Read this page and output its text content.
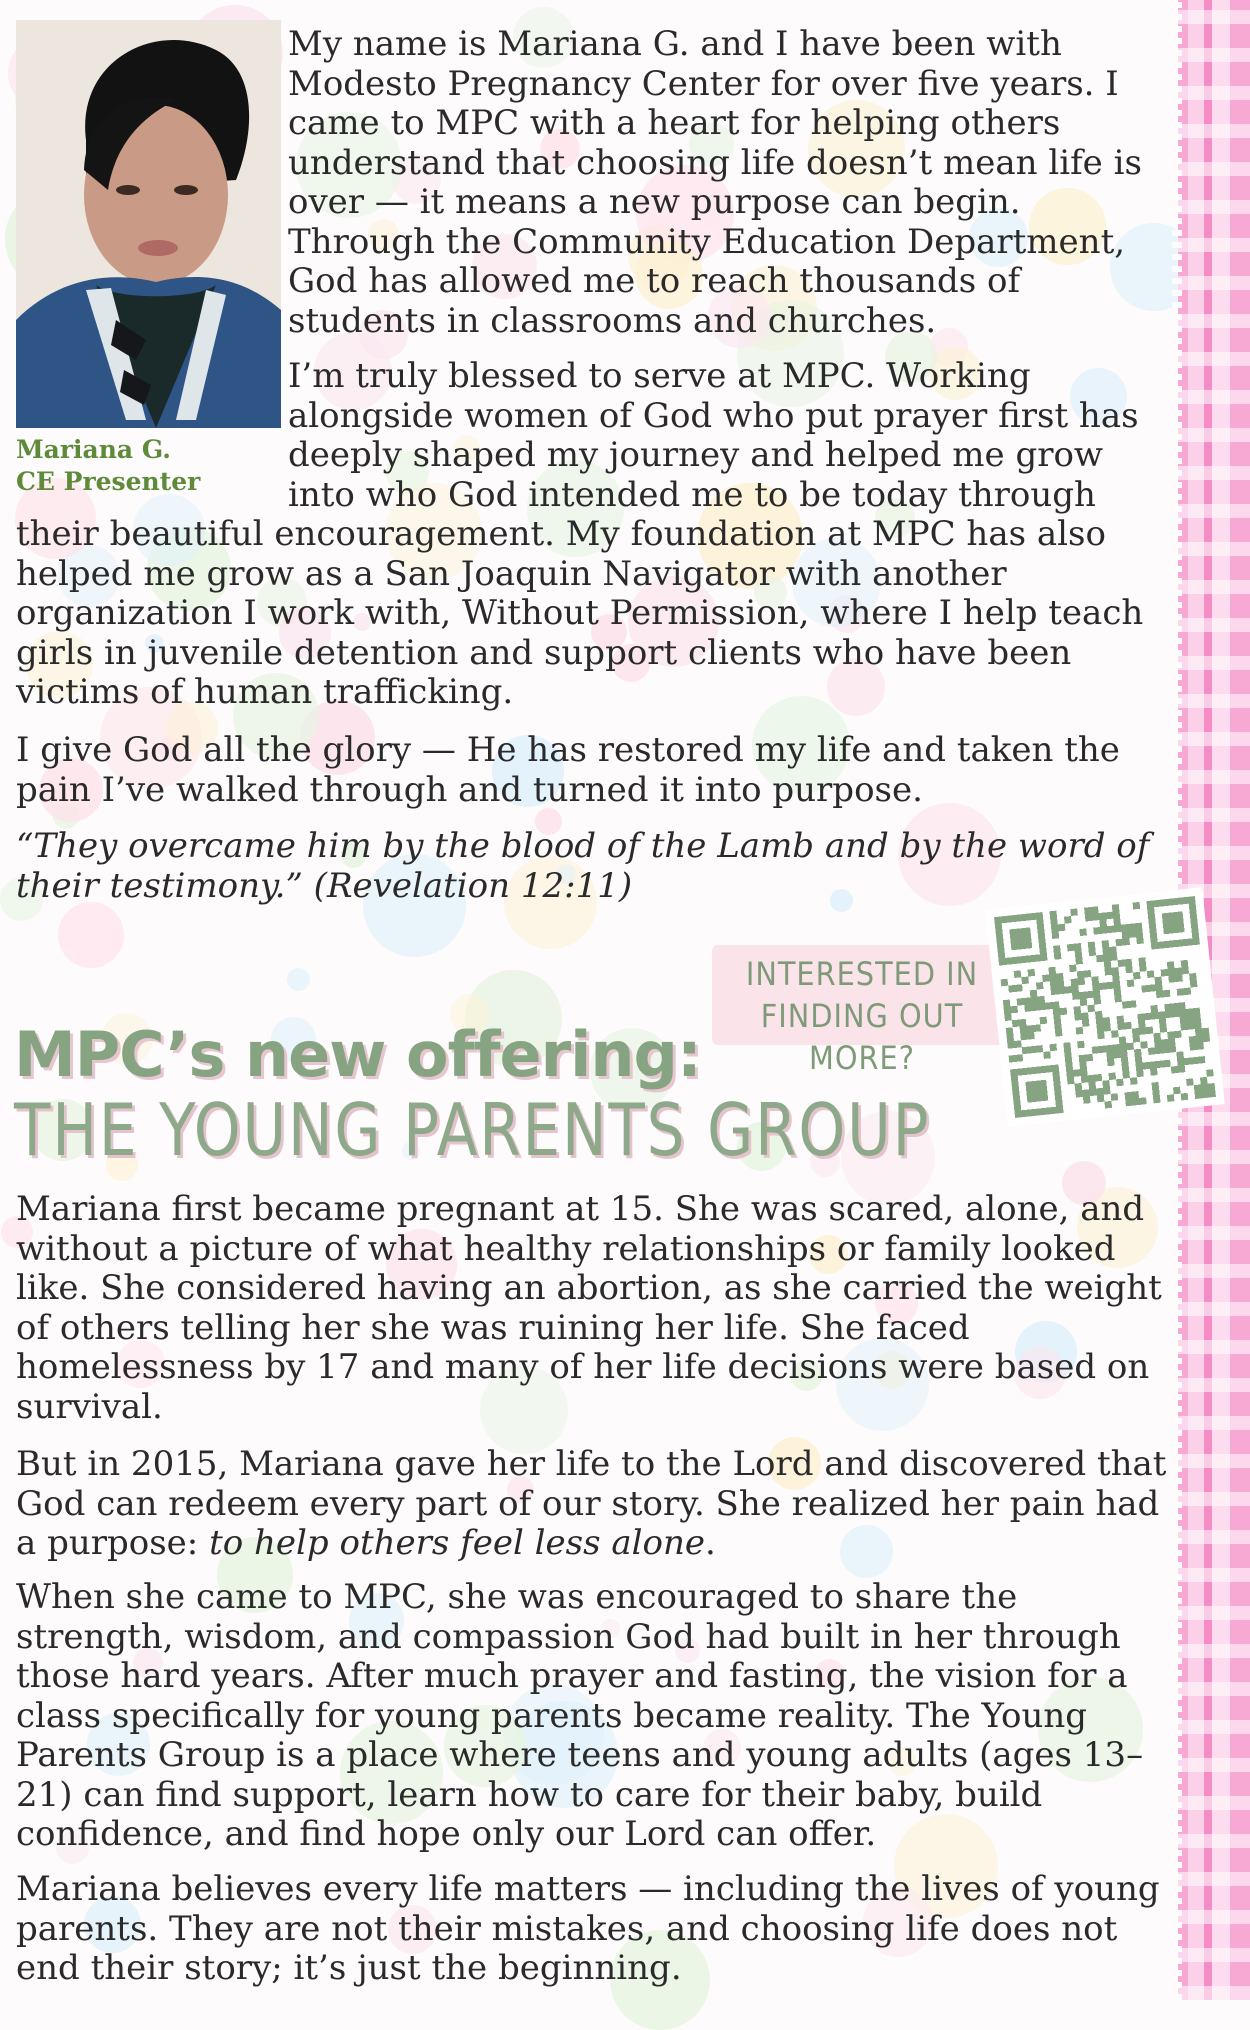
Mariana G.
CE Presenter

My name is Mariana G. and I have been with Modesto Pregnancy Center for over five years. I came to MPC with a heart for helping others understand that choosing life doesn’t mean life is over — it means a new purpose can begin. Through the Community Education Department, God has allowed me to reach thousands of students in classrooms and churches.

I’m truly blessed to serve at MPC. Working alongside women of God who put prayer first has deeply shaped my journey and helped me grow into who God intended me to be today through

their beautiful encouragement. My foundation at MPC has also helped me grow as a San Joaquin Navigator with another organization I work with, Without Permission, where I help teach girls in juvenile detention and support clients who have been victims of human trafficking.

I give God all the glory — He has restored my life and taken the pain I’ve walked through and turned it into purpose.

“They overcame him by the blood of the Lamb and by the word of their testimony.” (Revelation 12:11)

INTERESTED IN
FINDING OUT MORE?
MPC’s new offering:
THE YOUNG PARENTS GROUP

Mariana first became pregnant at 15. She was scared, alone, and without a picture of what healthy relationships or family looked like. She considered having an abortion, as she carried the weight of others telling her she was ruining her life. She faced homelessness by 17 and many of her life decisions were based on survival.

But in 2015, Mariana gave her life to the Lord and discovered that God can redeem every part of our story. She realized her pain had a purpose: to help others feel less alone.

When she came to MPC, she was encouraged to share the strength, wisdom, and compassion God had built in her through those hard years. After much prayer and fasting, the vision for a class specifically for young parents became reality. The Young Parents Group is a place where teens and young adults (ages 13–21) can find support, learn how to care for their baby, build confidence, and find hope only our Lord can offer.

Mariana believes every life matters — including the lives of young parents. They are not their mistakes, and choosing life does not end their story; it’s just the beginning.
